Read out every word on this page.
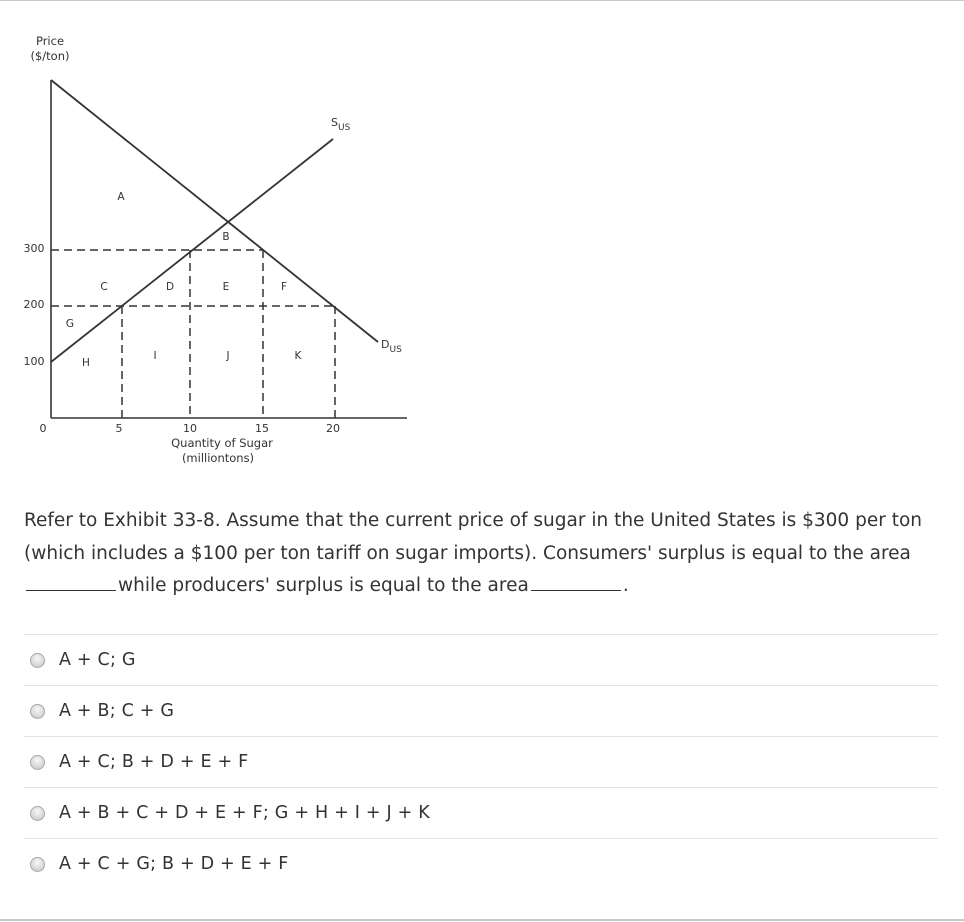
Price
($/ton)
300
200
100
0	5	10	15	20
Quantity of Sugar
(milliontons)
$S_{US}$
$D_{US}$
A
B
C	D	E	F
G
H
I	J	K

Refer to Exhibit 33-8. Assume that the current price of sugar in the United States is $300 per ton (which includes a $100 per ton tariff on sugar imports). Consumers' surplus is equal to the areawhile producers' surplus is equal to the area	.

A + C; G
A + B; C + G
A + C; B + D + E + F
A + B + C + D + E + F; G + H + I + J + K
A + C + G; B + D + E + F
